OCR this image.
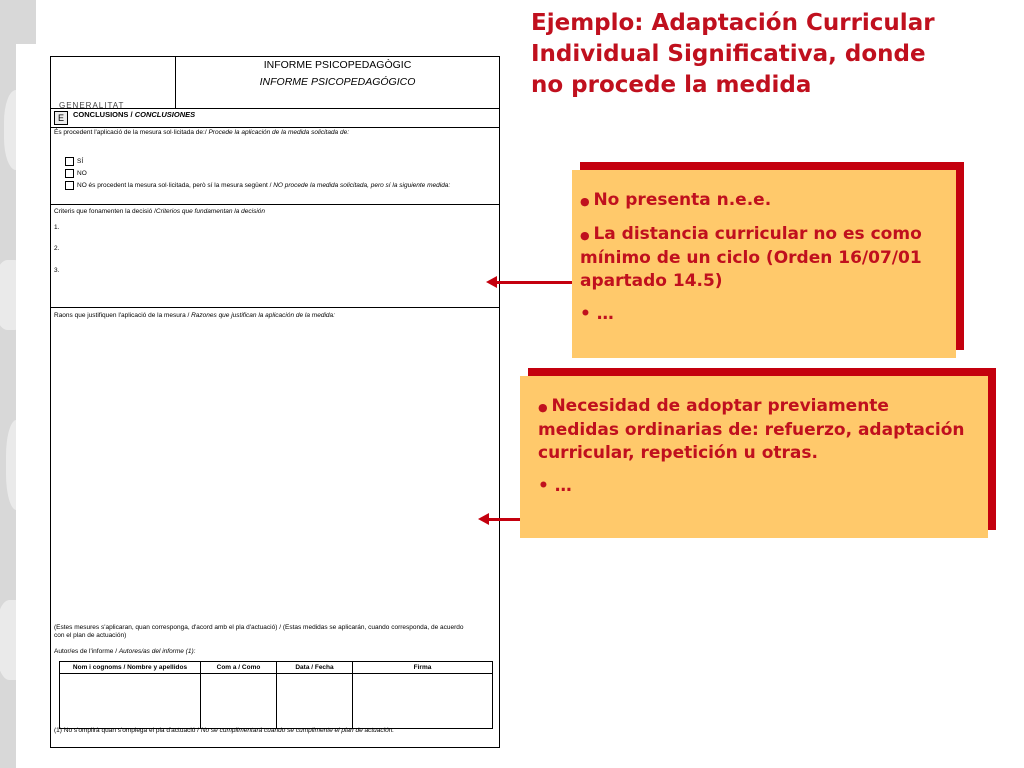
GENERALITAT
INFORME PSICOPEDAGÒGIC
INFORME PSICOPEDAGÓGICO
E	CONCLUSIONS / CONCLUSIONES
És procedent l'aplicació de la mesura sol·licitada de:/ Procede la aplicación de la medida solicitada de:
SÍ
NO
NO és procedent la mesura sol·licitada, però sí la mesura següent / NO procede la medida solicitada, pero sí la siguiente medida:
Criteris que fonamenten la decisió /Criterios que fundamentan la decisión
1.
2.
3.
Raons que justifiquen l'aplicació de la mesura / Razones que justifican la aplicación de la medida:
(Estes mesures s'aplicaran, quan corresponga, d'acord amb el pla d'actuació) / (Estas medidas se aplicarán, cuando corresponda, de acuerdo
con el plan de actuación)
Autor/es de l'informe / Autores/as del informe (1):
Nom i cognoms / Nombre y apellidos	Com a / Como	Data / Fecha	Firma

(1) No s'omplirà quan s'omplega el pla d'actuació / No se cumplimentará cuando se cumplimente el plan de actuación.
Ejemplo: Adaptación Curricular
Individual Significativa, donde
no procede la medida

● No presenta n.e.e.

● La distancia curricular no es como mínimo de un ciclo (Orden 16/07/01 apartado 14.5)

• …

● Necesidad de adoptar previamente medidas ordinarias de: refuerzo, adaptación curricular, repetición u otras.

• …
